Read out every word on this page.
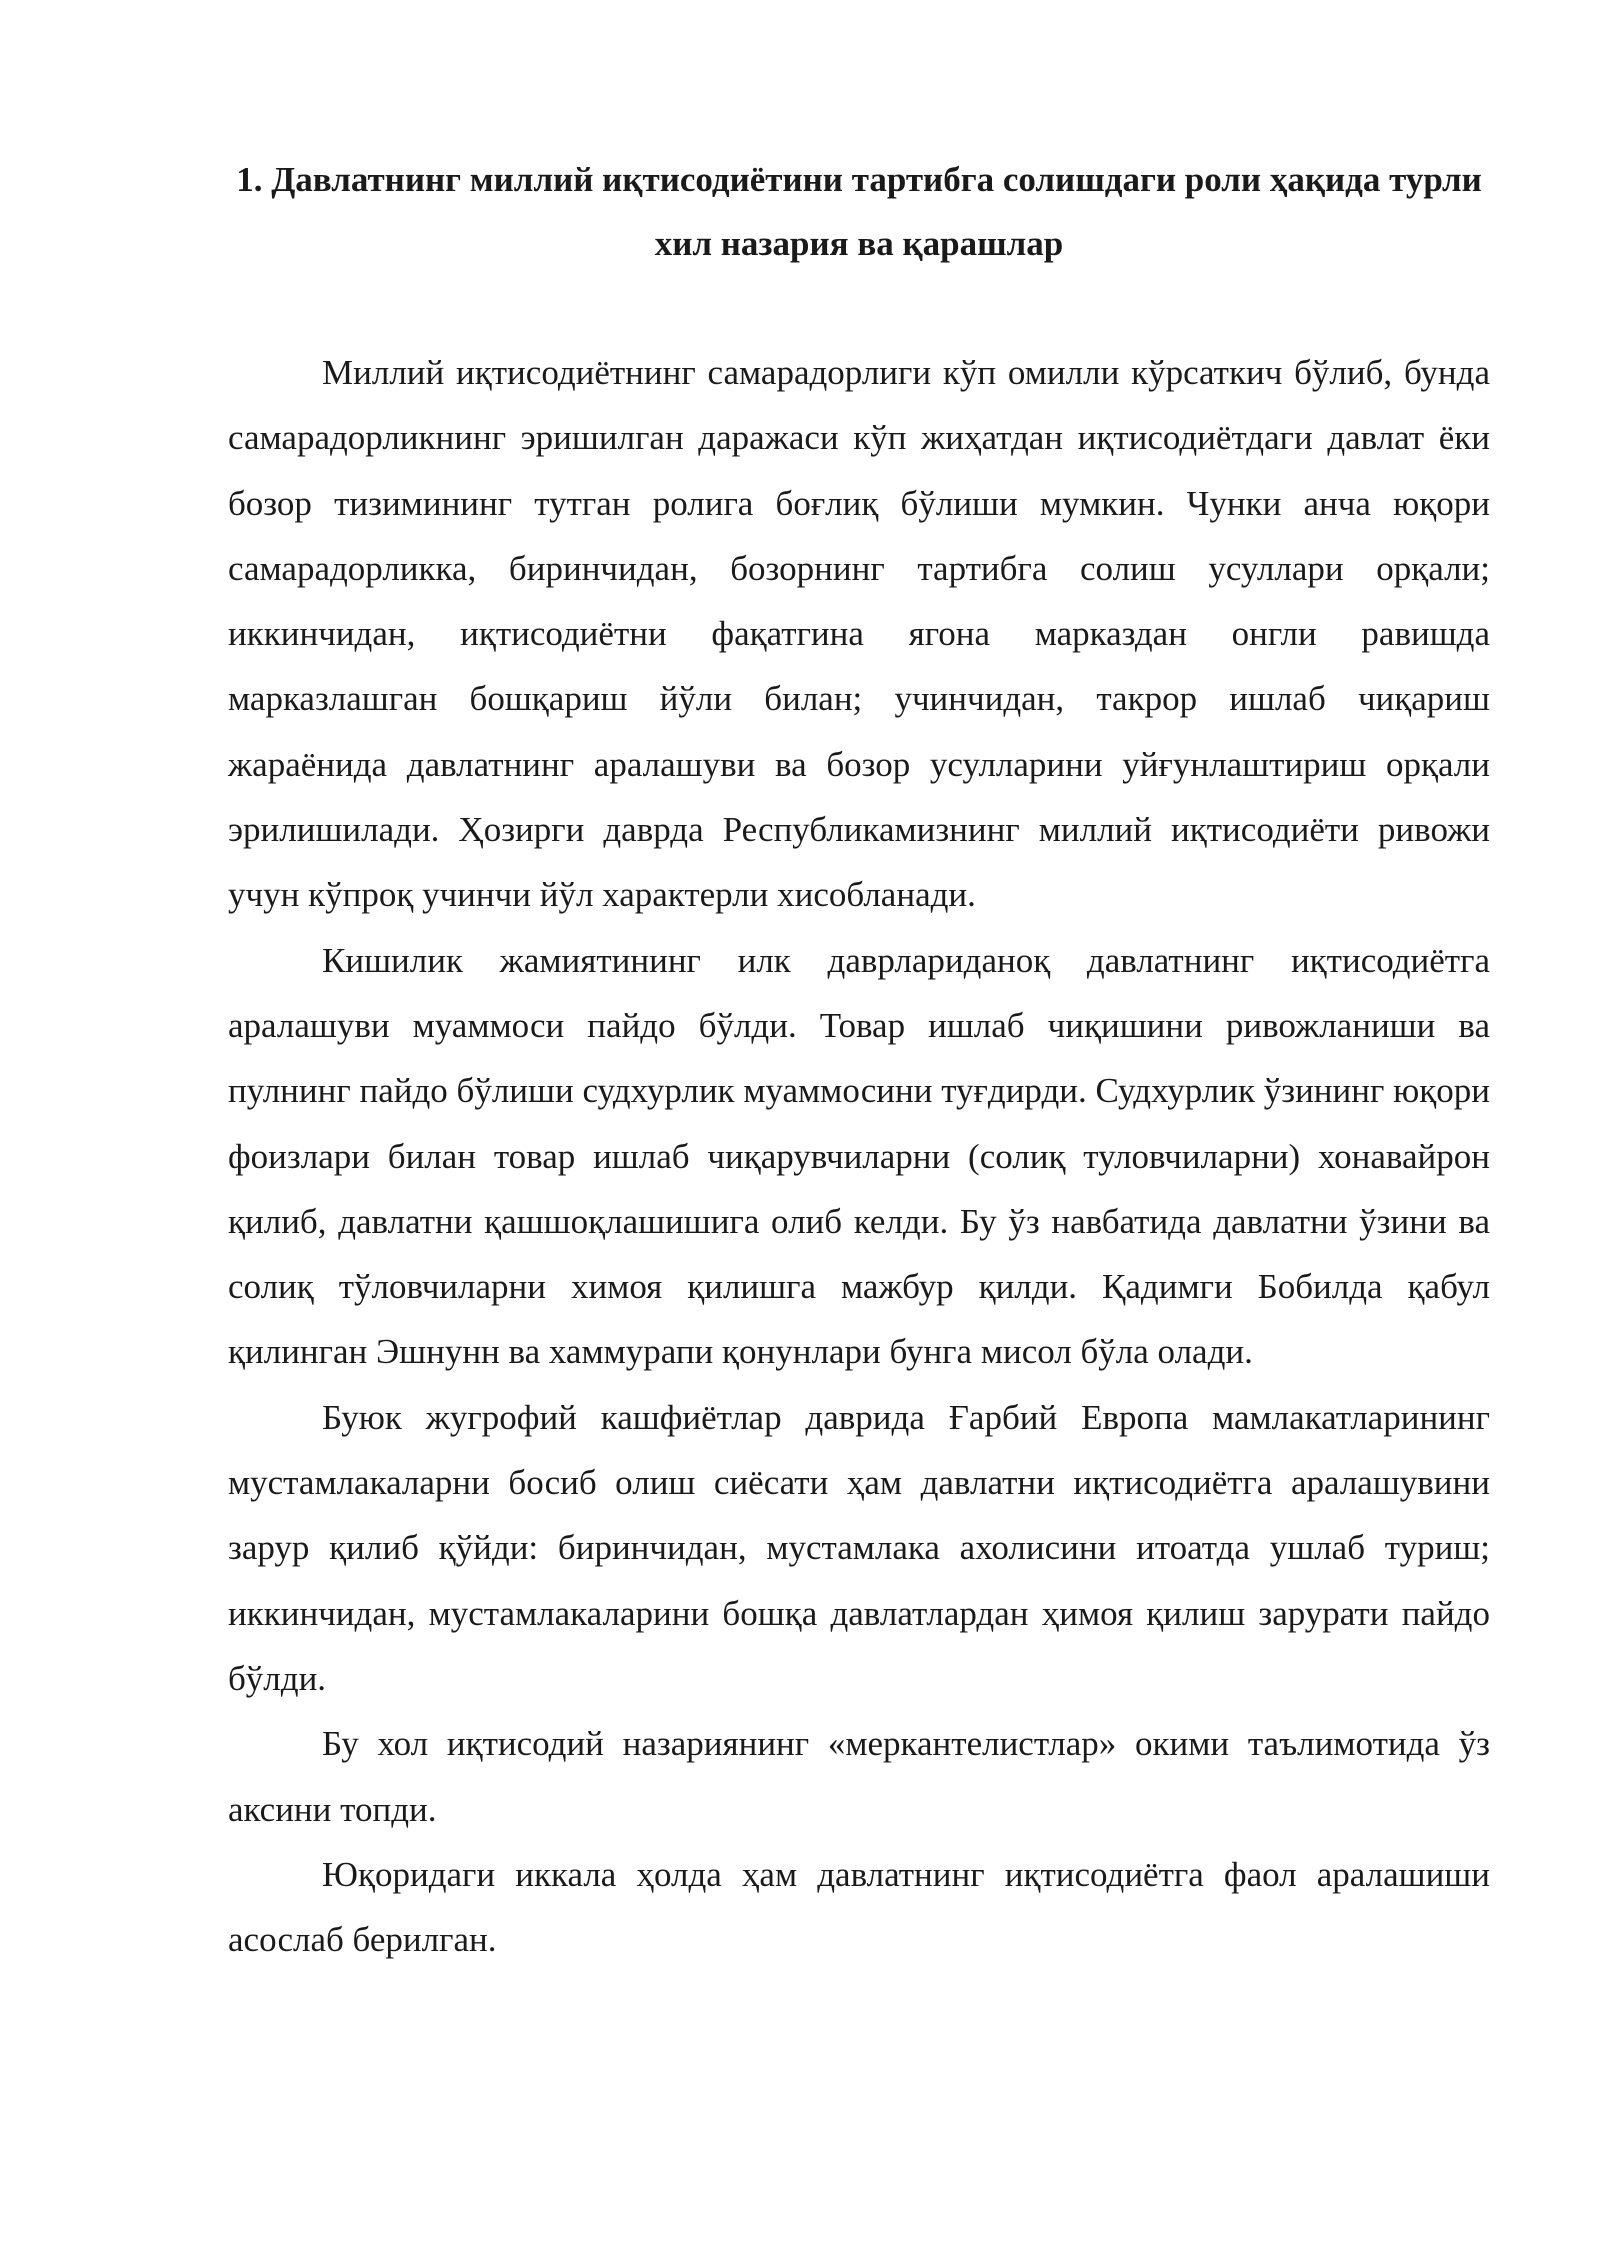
1. Давлатнинг миллий иқтисодиётини тартибга солишдаги роли ҳақида турли хил назария ва қарашлар

Миллий иқтисодиётнинг самарадорлиги кўп омилли кўрсаткич бўлиб, бунда самарадорликнинг эришилган даражаси кўп жиҳатдан иқтисодиётдаги давлат ёки бозор тизимининг тутган ролига боғлиқ бўлиши мумкин. Чунки анча юқори самарадорликка, биринчидан, бозорнинг тартибга солиш усуллари орқали; иккинчидан, иқтисодиётни фақатгина ягона марказдан онгли равишда марказлашган бошқариш йўли билан; учинчидан, такрор ишлаб чиқариш жараёнида давлатнинг аралашуви ва бозор усулларини уйғунлаштириш орқали эрилишилади. Ҳозирги даврда Республикамизнинг миллий иқтисодиёти ривожи учун кўпроқ учинчи йўл характерли хисобланади.

Кишилик жамиятининг илк даврлариданоқ давлатнинг иқтисодиётга аралашуви муаммоси пайдо бўлди. Товар ишлаб чиқишини ривожланиши ва пулнинг пайдо бўлиши судхурлик муаммосини туғдирди. Судхурлик ўзининг юқори фоизлари билан товар ишлаб чиқарувчиларни (солиқ туловчиларни) хонавайрон қилиб, давлатни қашшоқлашишига олиб келди. Бу ўз навбатида давлатни ўзини ва солиқ тўловчиларни химоя қилишга мажбур қилди. Қадимги Бобилда қабул қилинган Эшнунн ва хаммурапи қонунлари бунга мисол бўла олади.

Буюк жугрофий кашфиётлар даврида Ғарбий Европа мамлакатларининг мустамлакаларни босиб олиш сиёсати ҳам давлатни иқтисодиётга аралашувини зарур қилиб қўйди: биринчидан, мустамлака ахолисини итоатда ушлаб туриш; иккинчидан, мустамлакаларини бошқа давлатлардан ҳимоя қилиш зарурати пайдо бўлди.

Бу хол иқтисодий назариянинг «меркантелистлар» окими таълимотида ўз аксини топди.

Юқоридаги иккала ҳолда ҳам давлатнинг иқтисодиётга фаол аралашиши асослаб берилган.
